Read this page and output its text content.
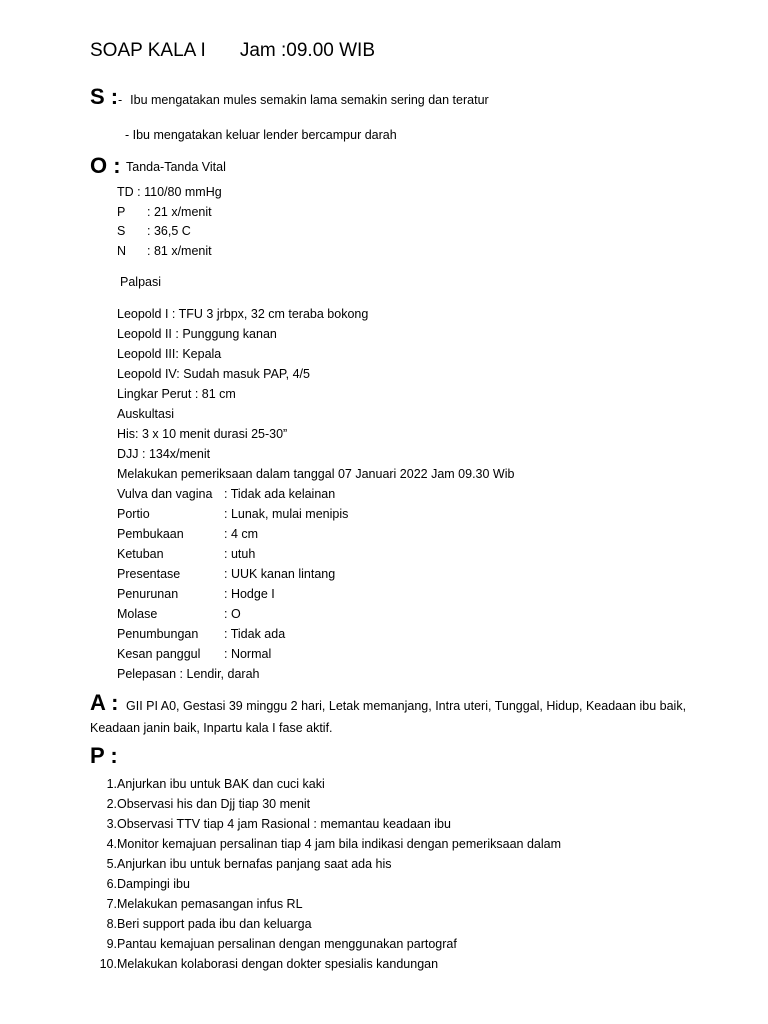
SOAP KALA I Jam :09.00 WIB
S : - Ibu mengatakan mules semakin lama semakin sering dan teratur
- Ibu mengatakan keluar lender bercampur darah
O : Tanda-Tanda Vital
TD : 110/80 mmHg
P : 21 x/menit
S : 36,5 C
N : 81 x/menit
Palpasi
Leopold I : TFU 3 jrbpx, 32 cm teraba bokong
Leopold II : Punggung kanan
Leopold III: Kepala
Leopold IV: Sudah masuk PAP, 4/5
Lingkar Perut : 81 cm
Auskultasi
His: 3 x 10 menit durasi 25-30”
DJJ : 134x/menit
Melakukan pemeriksaan dalam tanggal 07 Januari 2022 Jam 09.30 Wib
Vulva dan vagina : Tidak ada kelainan
Portio	: Lunak, mulai menipis
Pembukaan	: 4 cm
Ketuban	: utuh
Presentase	: UUK kanan lintang
Penurunan	: Hodge I
Molase	: O
Penumbungan : Tidak ada
Kesan panggul : Normal
Pelepasan : Lendir, darah
A : GII PI A0, Gestasi 39 minggu 2 hari, Letak memanjang, Intra uteri, Tunggal, Hidup, Keadaan ibu baik,
Keadaan janin baik, Inpartu kala I fase aktif.
P :
1.Anjurkan ibu untuk BAK dan cuci kaki
2.Observasi his dan Djj tiap 30 menit
3.Observasi TTV tiap 4 jam Rasional : memantau keadaan ibu
4.Monitor kemajuan persalinan tiap 4 jam bila indikasi dengan pemeriksaan dalam
5.Anjurkan ibu untuk bernafas panjang saat ada his
6.Dampingi ibu
7.Melakukan pemasangan infus RL
8.Beri support pada ibu dan keluarga
9.Pantau kemajuan persalinan dengan menggunakan partograf
10.Melakukan kolaborasi dengan dokter spesialis kandungan
